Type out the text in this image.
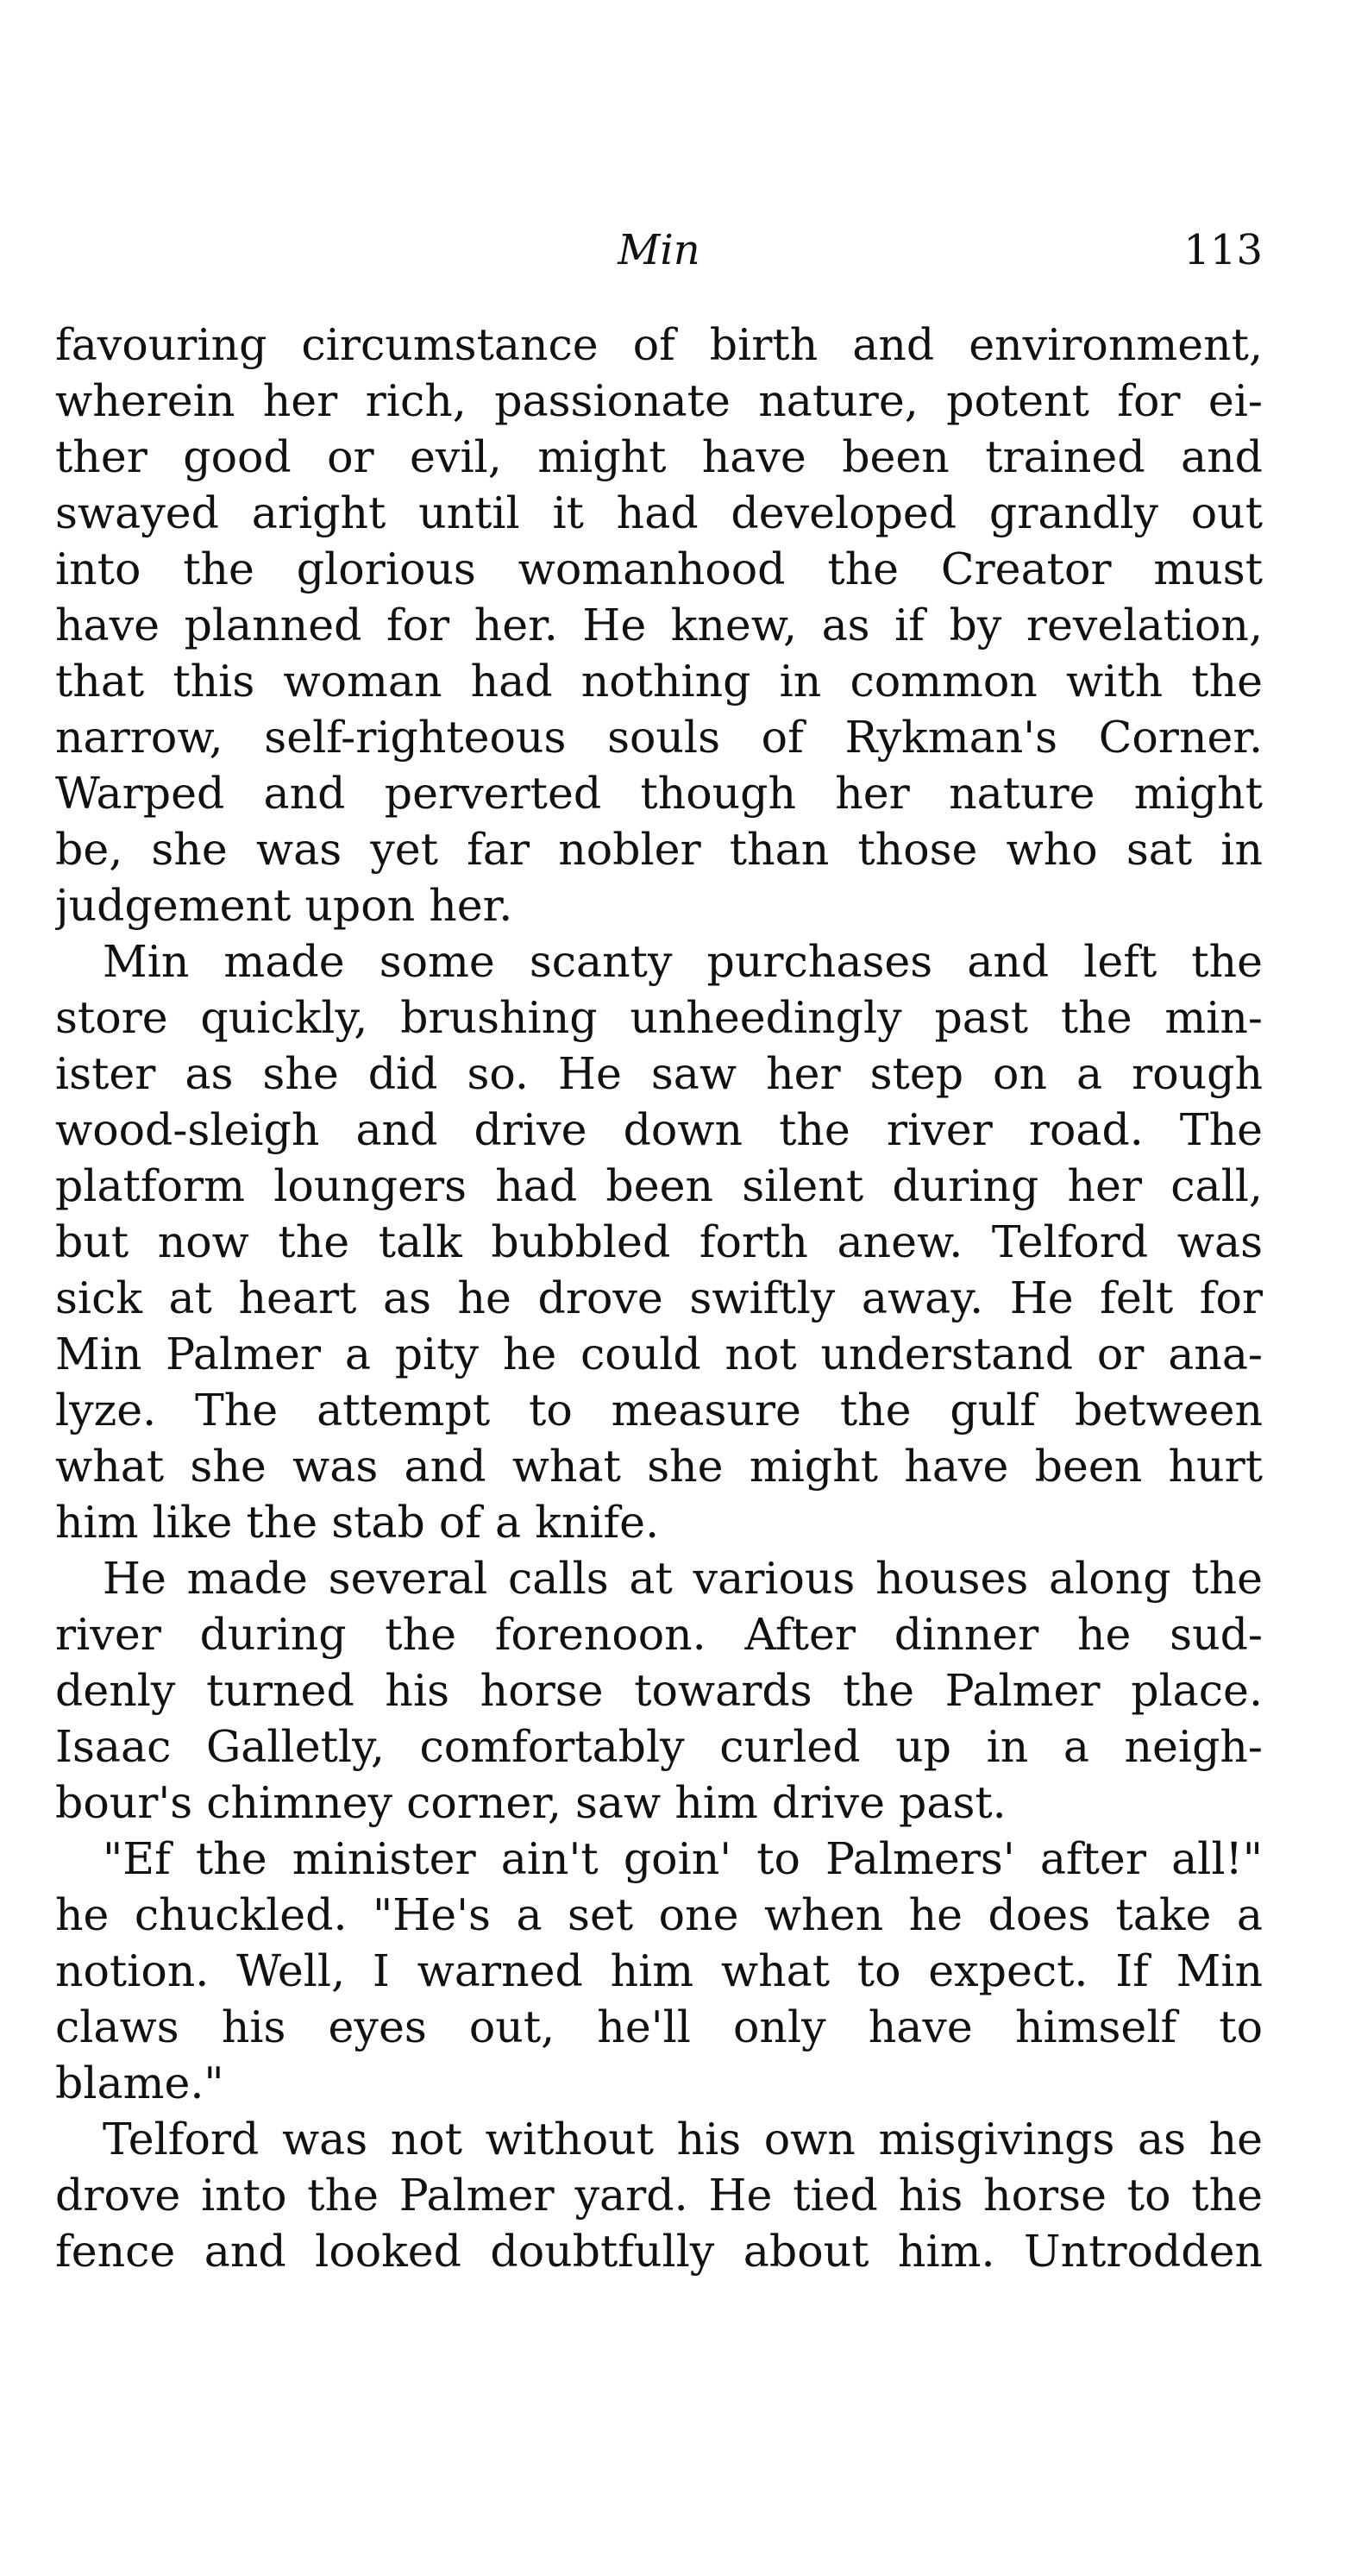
Min	113
favouring circumstance of birth and environment,
wherein her rich, passionate nature, potent for ei-
ther good or evil, might have been trained and
swayed aright until it had developed grandly out
into the glorious womanhood the Creator must
have planned for her. He knew, as if by revelation,
that this woman had nothing in common with the
narrow, self-righteous souls of Rykman's Corner.
Warped and perverted though her nature might
be, she was yet far nobler than those who sat in
judgement upon her.
Min made some scanty purchases and left the
store quickly, brushing unheedingly past the min-
ister as she did so. He saw her step on a rough
wood-sleigh and drive down the river road. The
platform loungers had been silent during her call,
but now the talk bubbled forth anew. Telford was
sick at heart as he drove swiftly away. He felt for
Min Palmer a pity he could not understand or ana-
lyze. The attempt to measure the gulf between
what she was and what she might have been hurt
him like the stab of a knife.
He made several calls at various houses along the
river during the forenoon. After dinner he sud-
denly turned his horse towards the Palmer place.
Isaac Galletly, comfortably curled up in a neigh-
bour's chimney corner, saw him drive past.
"Ef the minister ain't goin' to Palmers' after all!"
he chuckled. "He's a set one when he does take a
notion. Well, I warned him what to expect. If Min
claws his eyes out, he'll only have himself to
blame."
Telford was not without his own misgivings as he
drove into the Palmer yard. He tied his horse to the
fence and looked doubtfully about him. Untrodden
